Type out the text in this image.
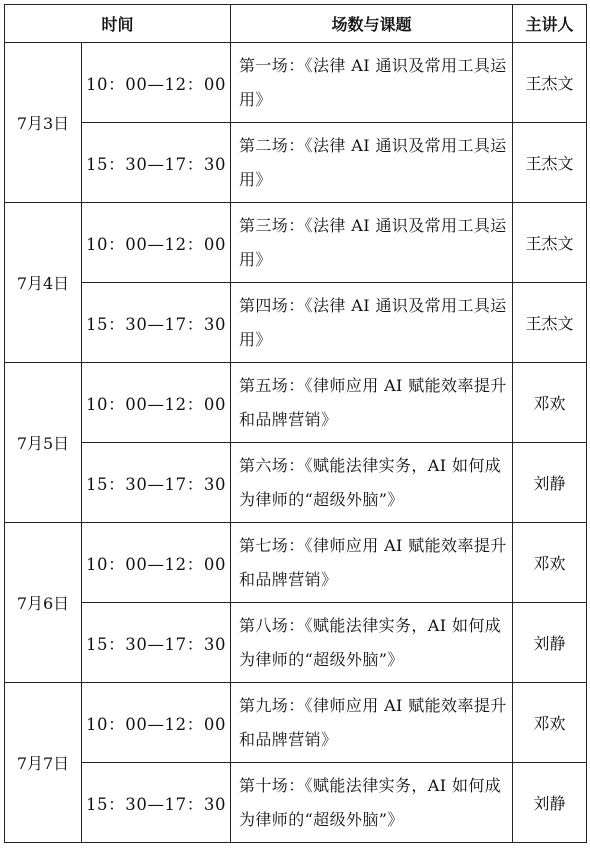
时间		场数与课题	主讲人
7月3日	10：00—12：00	第一场：《法律 AI 通识及常用工具运用》	王杰文
	15：30—17：30	第二场：《法律 AI 通识及常用工具运用》	王杰文
7月4日	10：00—12：00	第三场：《法律 AI 通识及常用工具运用》	王杰文
	15：30—17：30	第四场：《法律 AI 通识及常用工具运用》	王杰文
7月5日	10：00—12：00	第五场：《律师应用 AI 赋能效率提升和品牌营销》	邓欢
	15：30—17：30	第六场：《赋能法律实务，AI 如何成为律师的“超级外脑”》	刘静
7月6日	10：00—12：00	第七场：《律师应用 AI 赋能效率提升和品牌营销》	邓欢
	15：30—17：30	第八场：《赋能法律实务，AI 如何成为律师的“超级外脑”》	刘静
7月7日	10：00—12：00	第九场：《律师应用 AI 赋能效率提升和品牌营销》	邓欢
	15：30—17：30	第十场：《赋能法律实务，AI 如何成为律师的“超级外脑”》	刘静
